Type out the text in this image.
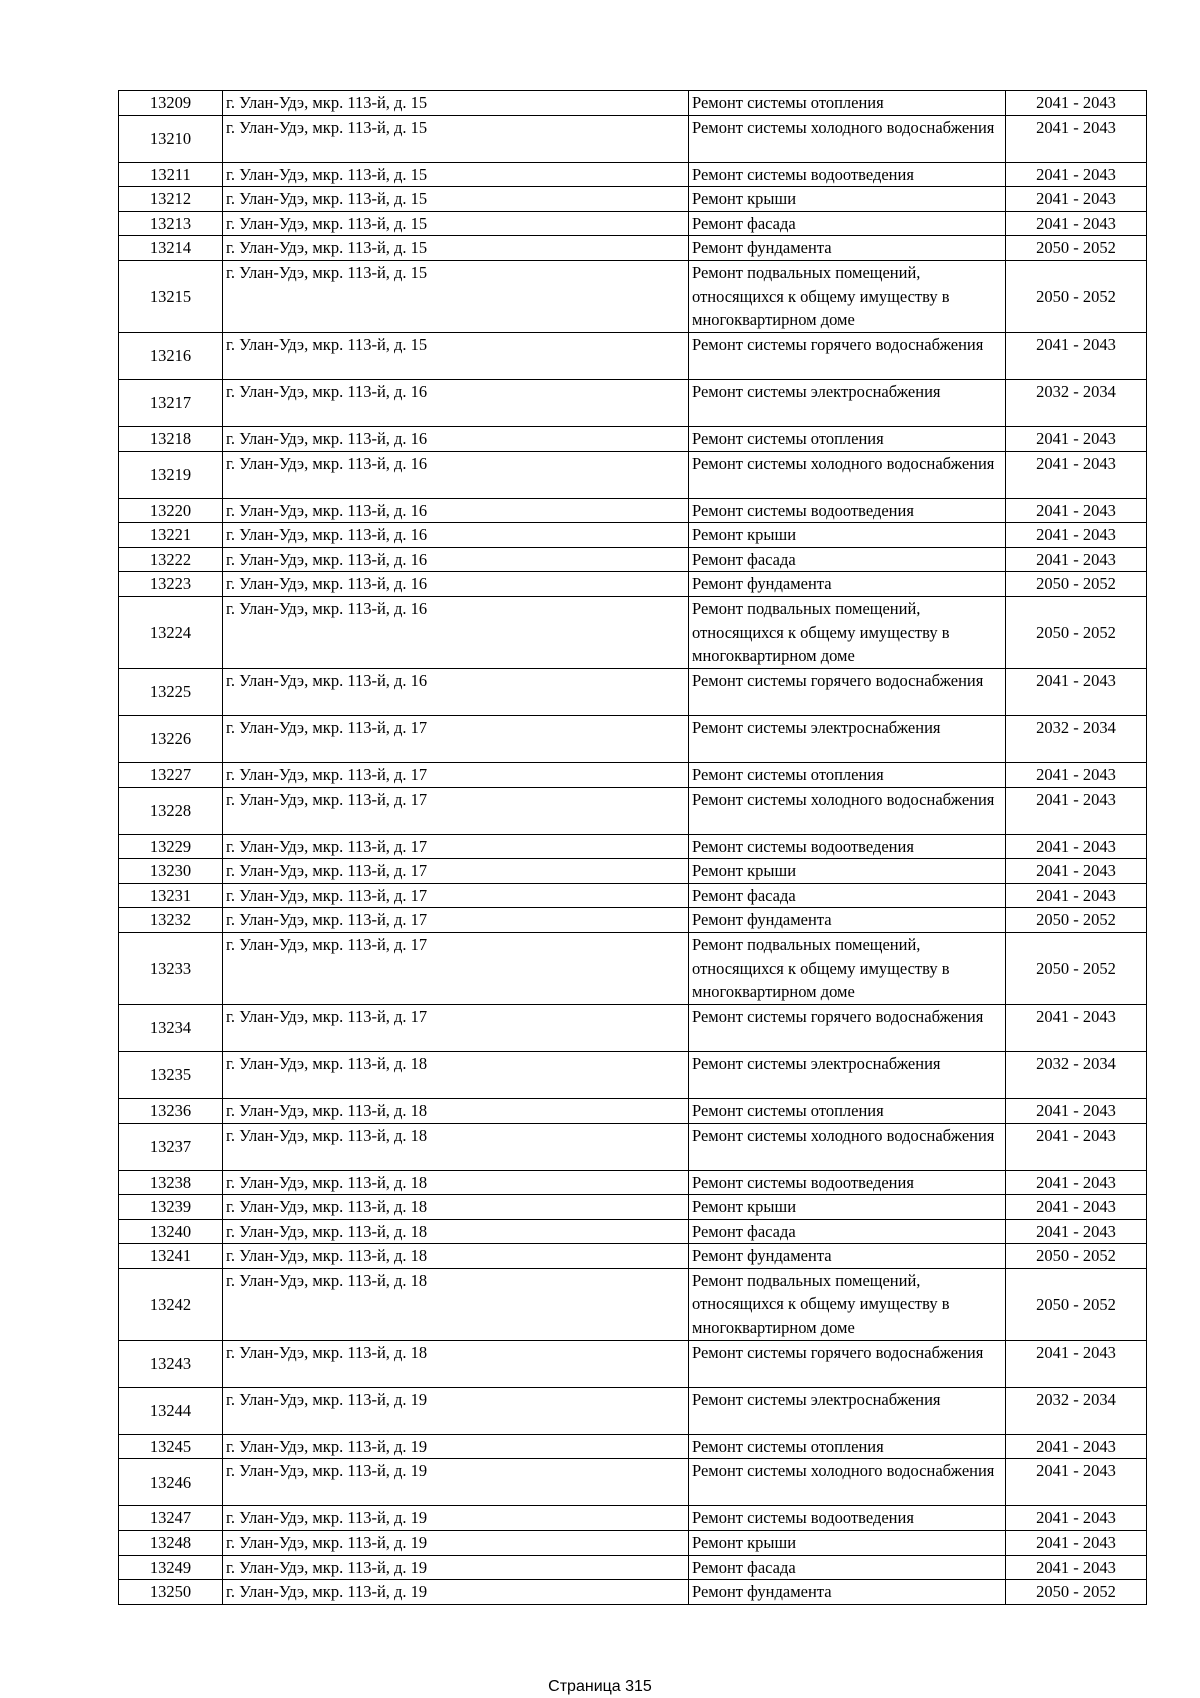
13209	г. Улан-Удэ, мкр. 113-й, д. 15	Ремонт системы отопления	2041 - 2043
13210	г. Улан-Удэ, мкр. 113-й, д. 15	Ремонт системы холодного водоснабжения	2041 - 2043
13211	г. Улан-Удэ, мкр. 113-й, д. 15	Ремонт системы водоотведения	2041 - 2043
13212	г. Улан-Удэ, мкр. 113-й, д. 15	Ремонт крыши	2041 - 2043
13213	г. Улан-Удэ, мкр. 113-й, д. 15	Ремонт фасада	2041 - 2043
13214	г. Улан-Удэ, мкр. 113-й, д. 15	Ремонт фундамента	2050 - 2052
13215	г. Улан-Удэ, мкр. 113-й, д. 15	Ремонт подвальных помещений, относящихся к общему имуществу в многоквартирном доме	2050 - 2052
13216	г. Улан-Удэ, мкр. 113-й, д. 15	Ремонт системы горячего водоснабжения	2041 - 2043
13217	г. Улан-Удэ, мкр. 113-й, д. 16	Ремонт системы электроснабжения	2032 - 2034
13218	г. Улан-Удэ, мкр. 113-й, д. 16	Ремонт системы отопления	2041 - 2043
13219	г. Улан-Удэ, мкр. 113-й, д. 16	Ремонт системы холодного водоснабжения	2041 - 2043
13220	г. Улан-Удэ, мкр. 113-й, д. 16	Ремонт системы водоотведения	2041 - 2043
13221	г. Улан-Удэ, мкр. 113-й, д. 16	Ремонт крыши	2041 - 2043
13222	г. Улан-Удэ, мкр. 113-й, д. 16	Ремонт фасада	2041 - 2043
13223	г. Улан-Удэ, мкр. 113-й, д. 16	Ремонт фундамента	2050 - 2052
13224	г. Улан-Удэ, мкр. 113-й, д. 16	Ремонт подвальных помещений, относящихся к общему имуществу в многоквартирном доме	2050 - 2052
13225	г. Улан-Удэ, мкр. 113-й, д. 16	Ремонт системы горячего водоснабжения	2041 - 2043
13226	г. Улан-Удэ, мкр. 113-й, д. 17	Ремонт системы электроснабжения	2032 - 2034
13227	г. Улан-Удэ, мкр. 113-й, д. 17	Ремонт системы отопления	2041 - 2043
13228	г. Улан-Удэ, мкр. 113-й, д. 17	Ремонт системы холодного водоснабжения	2041 - 2043
13229	г. Улан-Удэ, мкр. 113-й, д. 17	Ремонт системы водоотведения	2041 - 2043
13230	г. Улан-Удэ, мкр. 113-й, д. 17	Ремонт крыши	2041 - 2043
13231	г. Улан-Удэ, мкр. 113-й, д. 17	Ремонт фасада	2041 - 2043
13232	г. Улан-Удэ, мкр. 113-й, д. 17	Ремонт фундамента	2050 - 2052
13233	г. Улан-Удэ, мкр. 113-й, д. 17	Ремонт подвальных помещений, относящихся к общему имуществу в многоквартирном доме	2050 - 2052
13234	г. Улан-Удэ, мкр. 113-й, д. 17	Ремонт системы горячего водоснабжения	2041 - 2043
13235	г. Улан-Удэ, мкр. 113-й, д. 18	Ремонт системы электроснабжения	2032 - 2034
13236	г. Улан-Удэ, мкр. 113-й, д. 18	Ремонт системы отопления	2041 - 2043
13237	г. Улан-Удэ, мкр. 113-й, д. 18	Ремонт системы холодного водоснабжения	2041 - 2043
13238	г. Улан-Удэ, мкр. 113-й, д. 18	Ремонт системы водоотведения	2041 - 2043
13239	г. Улан-Удэ, мкр. 113-й, д. 18	Ремонт крыши	2041 - 2043
13240	г. Улан-Удэ, мкр. 113-й, д. 18	Ремонт фасада	2041 - 2043
13241	г. Улан-Удэ, мкр. 113-й, д. 18	Ремонт фундамента	2050 - 2052
13242	г. Улан-Удэ, мкр. 113-й, д. 18	Ремонт подвальных помещений, относящихся к общему имуществу в многоквартирном доме	2050 - 2052
13243	г. Улан-Удэ, мкр. 113-й, д. 18	Ремонт системы горячего водоснабжения	2041 - 2043
13244	г. Улан-Удэ, мкр. 113-й, д. 19	Ремонт системы электроснабжения	2032 - 2034
13245	г. Улан-Удэ, мкр. 113-й, д. 19	Ремонт системы отопления	2041 - 2043
13246	г. Улан-Удэ, мкр. 113-й, д. 19	Ремонт системы холодного водоснабжения	2041 - 2043
13247	г. Улан-Удэ, мкр. 113-й, д. 19	Ремонт системы водоотведения	2041 - 2043
13248	г. Улан-Удэ, мкр. 113-й, д. 19	Ремонт крыши	2041 - 2043
13249	г. Улан-Удэ, мкр. 113-й, д. 19	Ремонт фасада	2041 - 2043
13250	г. Улан-Удэ, мкр. 113-й, д. 19	Ремонт фундамента	2050 - 2052
Страница 315
